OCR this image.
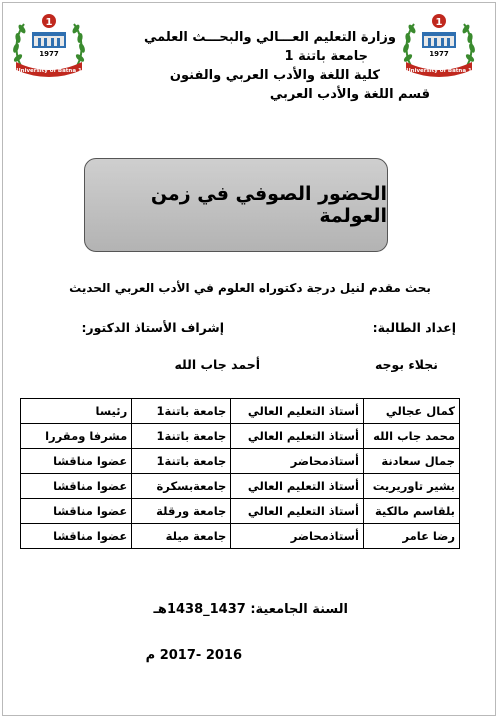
1
1977
University of Batna 1
1
1977
University of Batna 1
وزارة التعليم العـــالي والبحـــث العلمي
جامعة باتنة 1
كلية اللغة والأدب العربي والفنون
قسم اللغة والأدب العربي
الحضور الصوفي في زمن العولمة
بحث مقدم لنيل درجة دكتوراه العلوم في الأدب العربي الحديث
إعداد الطالبة:
إشراف الأستاذ الدكتور:
نجلاء بوجه
أحمد جاب الله
كمال عجالي	أستاذ التعليم العالي	جامعة باتنة1	رئيسا
محمد جاب الله	أستاذ التعليم العالي	جامعة باتنة1	مشرفا ومقررا
جمال سعادنة	أستاذمحاضر	جامعة باتنة1	عضوا مناقشا
بشير تاوريريت	أستاذ التعليم العالي	جامعةبسكرة	عضوا مناقشا
بلقاسم مالكية	أستاذ التعليم العالي	جامعة ورقلة	عضوا مناقشا
رضا عامر	أستاذمحاضر	جامعة ميلة	عضوا مناقشا
السنة الجامعية: 1437_1438هـ
2016 -2017 م
